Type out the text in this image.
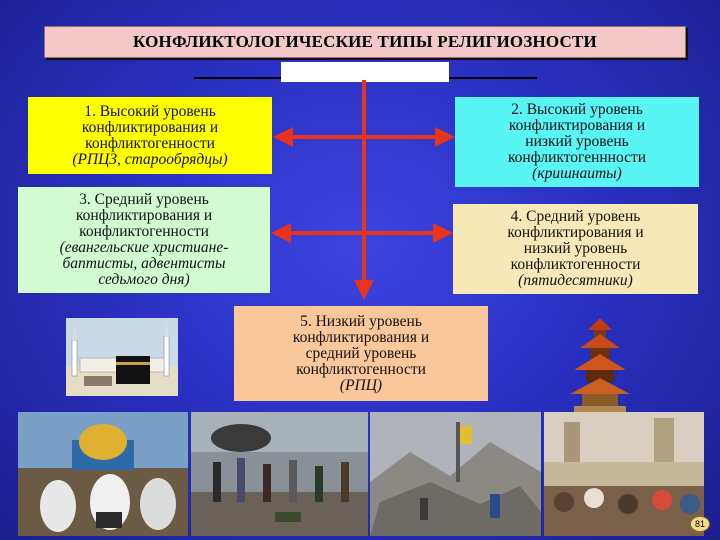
КОНФЛИКТОЛОГИЧЕСКИЕ ТИПЫ РЕЛИГИОЗНОСТИ
1. Высокий уровень
конфликтирования и
конфликтогенности
(РПЦЗ, старообрядцы)
2. Высокий уровень
конфликтирования и
низкий уровень
конфликтогеннности
(кришнаиты)
3. Средний уровень
конфликтирования и
конфликтогенности
(евангельские христиане-
баптисты, адвентисты
седьмого дня)
4. Средний уровень
конфликтирования и
низкий уровень
конфликтогенности
(пятидесятники)
5. Низкий уровень
конфликтирования и
средний уровень
конфликтогенности
(РПЦ)
81
